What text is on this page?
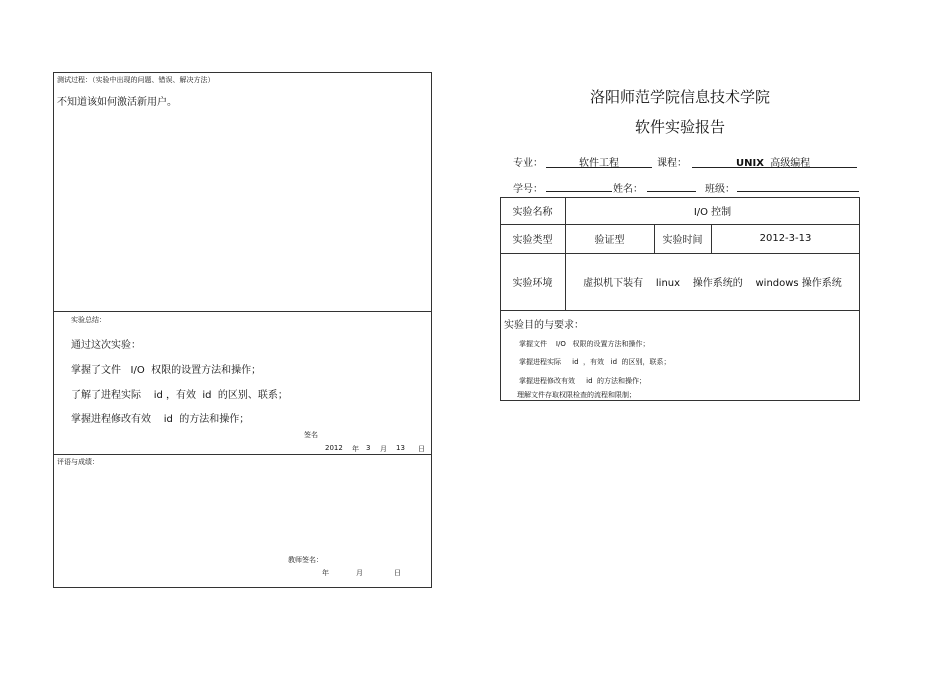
测试过程：（实验中出现的问题、错误、解决方法）
不知道该如何激活新用户。
实验总结：
通过这次实验：
掌握了文件   I/O  权限的设置方法和操作；
了解了进程实际    id ，有效  id  的区别、联系；
掌握进程修改有效    id  的方法和操作；
签名
2012 年 3 月 13 日
评语与成绩：
教师签名：
年	月	日
洛阳师范学院信息技术学院
软件实验报告
专业：	软件工程	课程：	UNIX 高级编程
学号：	姓名：	班级：
实验名称	I/O 控制
实验类型	验证型	实验时间	2012-3-13
实验环境	虚拟机下装有    linux    操作系统的    windows 操作系统
实验目的与要求：
掌握文件    I/O   权限的设置方法和操作；
掌握进程实际     id  ，有效   id  的区别，联系；
掌握进程修改有效     id  的方法和操作；
理解文件存取权限检查的流程和限制；
